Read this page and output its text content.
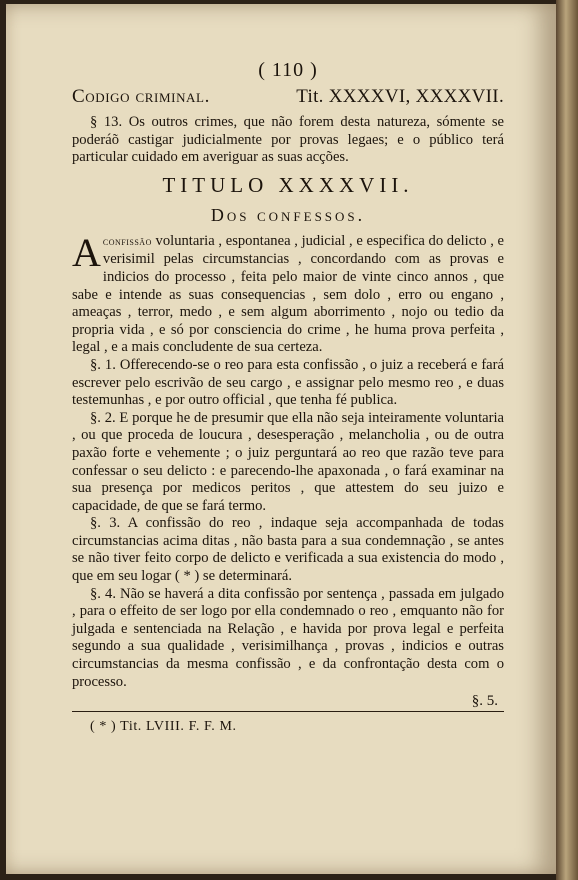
( 110 )
Codigo criminal.	Tit. XXXXVI, XXXXVII.

§ 13. Os outros crimes, que não forem desta natureza, sómente se poderáõ castigar judicialmente por provas legaes; e o público terá particular cuidado em averiguar as suas acções.

TITULO XXXXVII.
Dos confessos.

Aconfissão voluntaria , espontanea , judicial , e especifica do delicto , e verisimil pelas circumstancias , concordando com as provas e indicios do processo , feita pelo maior de vinte cinco annos , que sabe e intende as suas consequencias , sem dolo , erro ou engano , ameaças , terror, medo , e sem algum aborrimento , nojo ou tedio da propria vida , e só por consciencia do crime , he huma prova perfeita , legal , e a mais concludente de sua certeza.

§. 1. Offerecendo-se o reo para esta confissão , o juiz a receberá e fará escrever pelo escrivão de seu cargo , e assignar pelo mesmo reo , e duas testemunhas , e por outro official , que tenha fé publica.

§. 2. E porque he de presumir que ella não seja inteiramente voluntaria , ou que proceda de loucura , desesperação , melancholia , ou de outra paxão forte e vehemente ; o juiz perguntará ao reo que razão teve para confessar o seu delicto : e parecendo-lhe apaxonada , o fará examinar na sua presença por medicos peritos , que attestem do seu juizo e capacidade, de que se fará termo.

§. 3. A confissão do reo , indaque seja accompanhada de todas circumstancias acima ditas , não basta para a sua condemnação , se antes se não tiver feito corpo de delicto e verificada a sua existencia do modo , que em seu logar ( * ) se determinará.

§. 4. Não se haverá a dita confissão por sentença , passada em julgado , para o effeito de ser logo por ella condemnado o reo , emquanto não for julgada e sentenciada na Relação , e havida por prova legal e perfeita segundo a sua qualidade , verisimilhança , provas , indicios e outras circumstancias da mesma confissão , e da confrontação desta com o processo.

§. 5.
( * ) Tit. LVIII. F. F. M.
